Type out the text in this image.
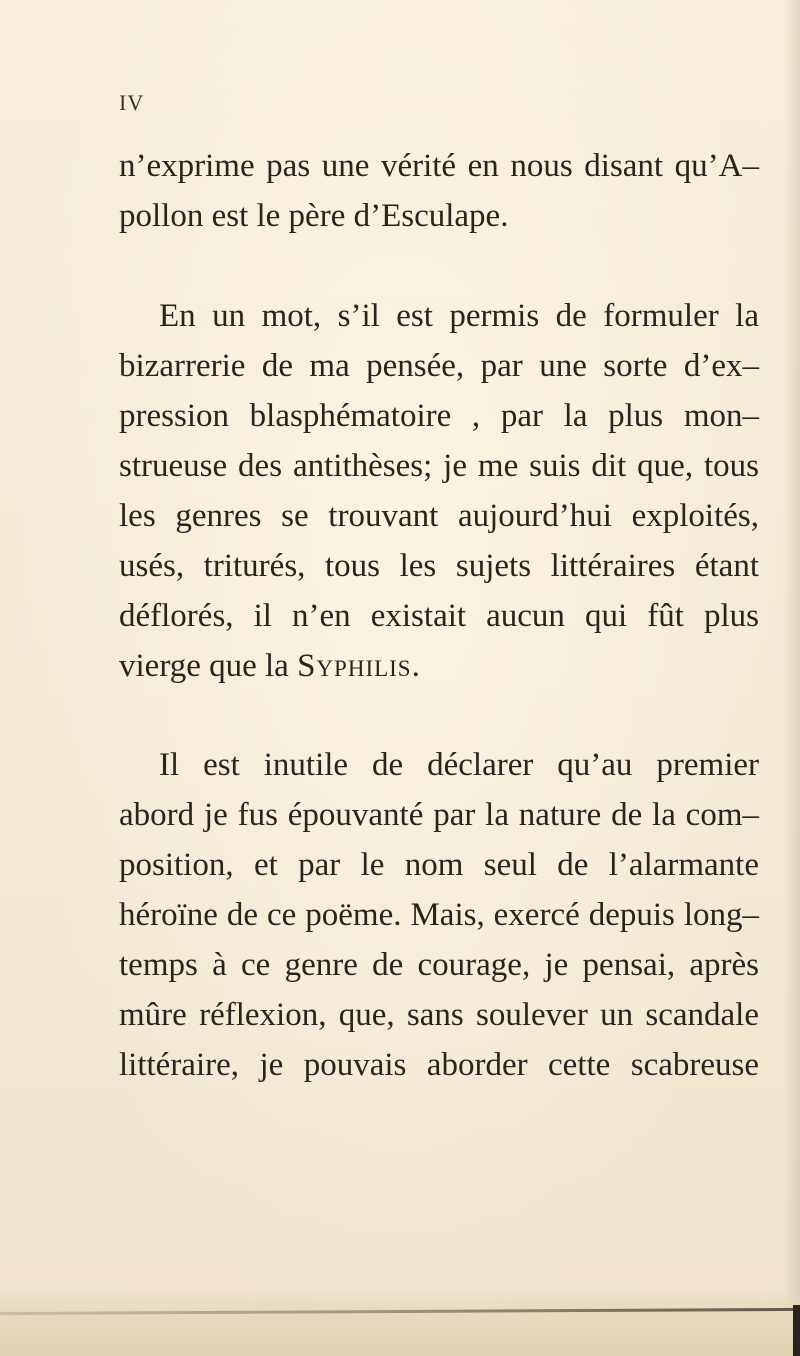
IV
n’exprime pas une vérité en nous disant qu’A–
pollon est le père d’Esculape.
En un mot, s’il est permis de formuler la
bizarrerie de ma pensée, par une sorte d’ex–
pression blasphématoire , par la plus mon–
strueuse des antithèses; je me suis dit que, tous
les genres se trouvant aujourd’hui exploités,
usés, triturés, tous les sujets littéraires étant
déflorés, il n’en existait aucun qui fût plus
vierge que la Syphilis.
Il est inutile de déclarer qu’au premier
abord je fus épouvanté par la nature de la com–
position, et par le nom seul de l’alarmante
héroïne de ce poëme. Mais, exercé depuis long–
temps à ce genre de courage, je pensai, après
mûre réflexion, que, sans soulever un scandale
littéraire, je pouvais aborder cette scabreuse
